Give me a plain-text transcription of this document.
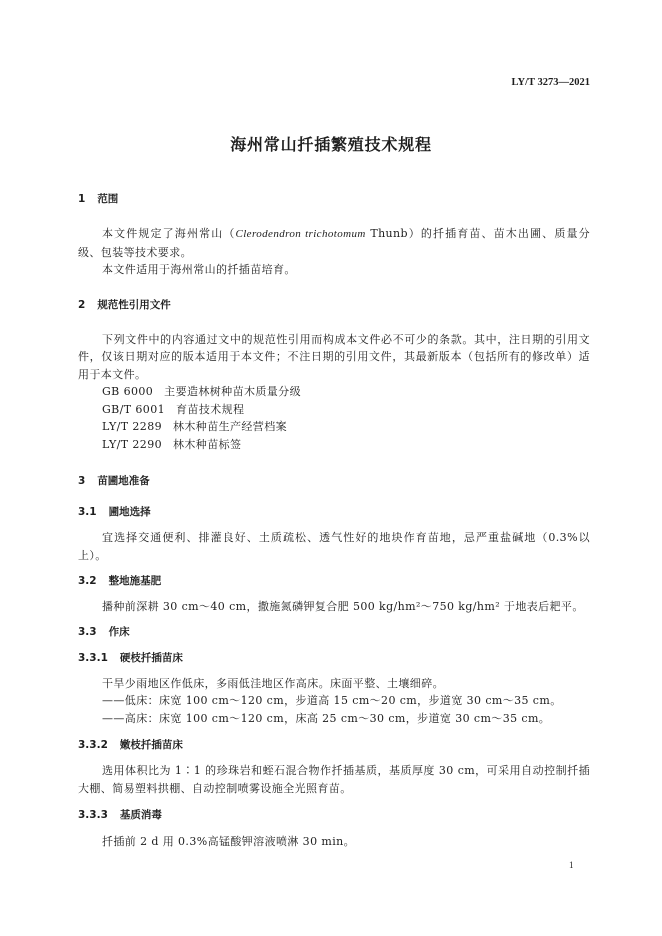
LY/T 3273—2021
海州常山扦插繁殖技术规程
1 范围

本文件规定了海州常山（Clerodendron trichotomum Thunb）的扦插育苗、苗木出圃、质量分级、包装等技术要求。

本文件适用于海州常山的扦插苗培育。

2 规范性引用文件

下列文件中的内容通过文中的规范性引用而构成本文件必不可少的条款。其中，注日期的引用文件，仅该日期对应的版本适用于本文件；不注日期的引用文件，其最新版本（包括所有的修改单）适用于本文件。

GB 6000 主要造林树种苗木质量分级

GB/T 6001 育苗技术规程

LY/T 2289 林木种苗生产经营档案

LY/T 2290 林木种苗标签

3 苗圃地准备
3.1 圃地选择

宜选择交通便利、排灌良好、土质疏松、透气性好的地块作育苗地，忌严重盐碱地（0.3%以上）。

3.2 整地施基肥

播种前深耕 30 cm～40 cm，撒施氮磷钾复合肥 500 kg/hm²～750 kg/hm² 于地表后耙平。

3.3 作床
3.3.1 硬枝扦插苗床

干旱少雨地区作低床，多雨低洼地区作高床。床面平整、土壤细碎。

——低床：床宽 100 cm～120 cm，步道高 15 cm～20 cm，步道宽 30 cm～35 cm。

——高床：床宽 100 cm～120 cm，床高 25 cm～30 cm，步道宽 30 cm～35 cm。

3.3.2 嫩枝扦插苗床

选用体积比为 1∶1 的珍珠岩和蛭石混合物作扦插基质，基质厚度 30 cm，可采用自动控制扦插大棚、简易塑料拱棚、自动控制喷雾设施全光照育苗。

3.3.3 基质消毒

扦插前 2 d 用 0.3%高锰酸钾溶液喷淋 30 min。

1
